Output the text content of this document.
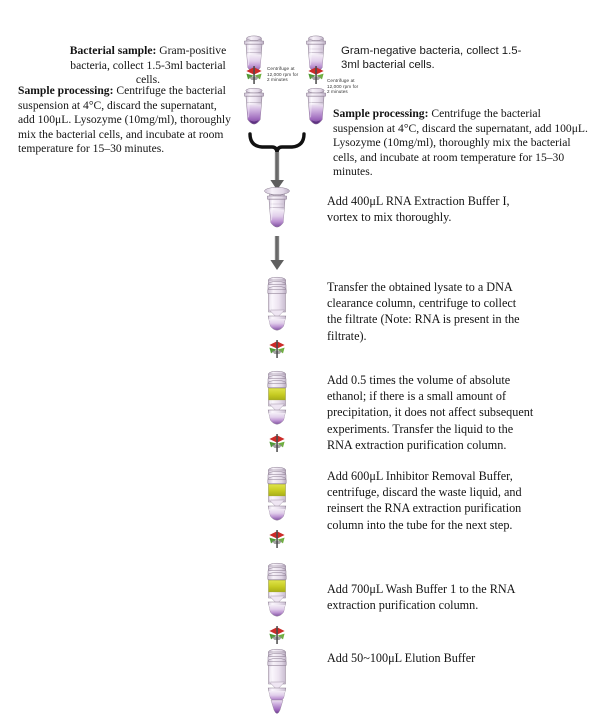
Bacterial sample: Gram-positive bacteria, collect 1.5-3ml bacterial cells.
Sample processing: Centrifuge the bacterial suspension at 4°C, discard the supernatant, add 100μL. Lysozyme (10mg/ml), thoroughly mix the bacterial cells, and incubate at room temperature for 15–30 minutes.
Centrifuge at 12,000 rpm for 2 minutes
Gram-negative bacteria, collect 1.5-3ml bacterial cells.
Centrifuge at 12,000 rpm for 2 minutes
Sample processing: Centrifuge the bacterial suspension at 4°C, discard the supernatant, add 100μL. Lysozyme (10mg/ml), thoroughly mix the bacterial cells, and incubate at room temperature for 15–30 minutes.
Add 400μL RNA Extraction Buffer I, vortex to mix thoroughly.
Transfer the obtained lysate to a DNA clearance column, centrifuge to collect the filtrate (Note: RNA is present in the filtrate).
Add 0.5 times the volume of absolute ethanol; if there is a small amount of precipitation, it does not affect subsequent experiments. Transfer the liquid to the RNA extraction purification column.
Add 600μL Inhibitor Removal Buffer, centrifuge, discard the waste liquid, and reinsert the RNA extraction purification column into the tube for the next step.
Add 700μL Wash Buffer 1 to the RNA extraction purification column.
Add 50~100μL Elution Buffer
